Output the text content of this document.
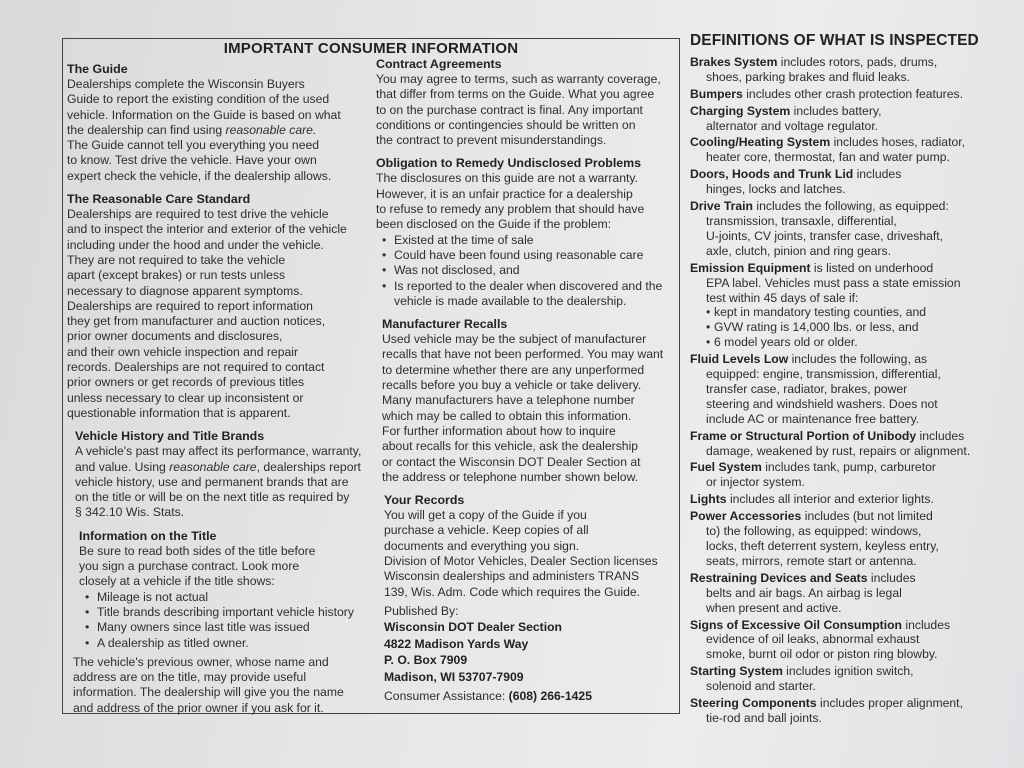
IMPORTANT CONSUMER INFORMATION
The Guide
Dealerships complete the Wisconsin Buyers
Guide to report the existing condition of the used
vehicle. Information on the Guide is based on what
the dealership can find using reasonable care.
The Guide cannot tell you everything you need
to know. Test drive the vehicle. Have your own
expert check the vehicle, if the dealership allows.
The Reasonable Care Standard
Dealerships are required to test drive the vehicle
and to inspect the interior and exterior of the vehicle
including under the hood and under the vehicle.
They are not required to take the vehicle
apart (except brakes) or run tests unless
necessary to diagnose apparent symptoms.
Dealerships are required to report information
they get from manufacturer and auction notices,
prior owner documents and disclosures,
and their own vehicle inspection and repair
records. Dealerships are not required to contact
prior owners or get records of previous titles
unless necessary to clear up inconsistent or
questionable information that is apparent.
Vehicle History and Title Brands
A vehicle's past may affect its performance, warranty,
and value. Using reasonable care, dealerships report
vehicle history, use and permanent brands that are
on the title or will be on the next title as required by
§ 342.10 Wis. Stats.
Information on the Title
Be sure to read both sides of the title before
you sign a purchase contract. Look more
closely at a vehicle if the title shows:
• Mileage is not actual
• Title brands describing important vehicle history
• Many owners since last title was issued
• A dealership as titled owner.
The vehicle's previous owner, whose name and
address are on the title, may provide useful
information. The dealership will give you the name
and address of the prior owner if you ask for it.
Contract Agreements
You may agree to terms, such as warranty coverage,
that differ from terms on the Guide. What you agree
to on the purchase contract is final. Any important
conditions or contingencies should be written on
the contract to prevent misunderstandings.
Obligation to Remedy Undisclosed Problems
The disclosures on this guide are not a warranty.
However, it is an unfair practice for a dealership
to refuse to remedy any problem that should have
been disclosed on the Guide if the problem:
• Existed at the time of sale
• Could have been found using reasonable care
• Was not disclosed, and
• Is reported to the dealer when discovered and the vehicle is made available to the dealership.
Manufacturer Recalls
Used vehicle may be the subject of manufacturer
recalls that have not been performed. You may want
to determine whether there are any unperformed
recalls before you buy a vehicle or take delivery.
Many manufacturers have a telephone number
which may be called to obtain this information.
For further information about how to inquire
about recalls for this vehicle, ask the dealership
or contact the Wisconsin DOT Dealer Section at
the address or telephone number shown below.
Your Records
You will get a copy of the Guide if you
purchase a vehicle. Keep copies of all
documents and everything you sign.
Division of Motor Vehicles, Dealer Section licenses
Wisconsin dealerships and administers TRANS
139, Wis. Adm. Code which requires the Guide.
Published By:
Wisconsin DOT Dealer Section
4822 Madison Yards Way
P. O. Box 7909
Madison, WI 53707-7909
Consumer Assistance: (608) 266-1425
DEFINITIONS OF WHAT IS INSPECTED
Brakes System includes rotors, pads, drums,
shoes, parking brakes and fluid leaks.
Bumpers includes other crash protection features.
Charging System includes battery,
alternator and voltage regulator.
Cooling/Heating System includes hoses, radiator,
heater core, thermostat, fan and water pump.
Doors, Hoods and Trunk Lid includes
hinges, locks and latches.
Drive Train includes the following, as equipped:
transmission, transaxle, differential,
U-joints, CV joints, transfer case, driveshaft,
axle, clutch, pinion and ring gears.
Emission Equipment is listed on underhood
EPA label. Vehicles must pass a state emission
test within 45 days of sale if:
• kept in mandatory testing counties, and
• GVW rating is 14,000 lbs. or less, and
• 6 model years old or older.
Fluid Levels Low includes the following, as
equipped: engine, transmission, differential,
transfer case, radiator, brakes, power
steering and windshield washers. Does not
include AC or maintenance free battery.
Frame or Structural Portion of Unibody includes
damage, weakened by rust, repairs or alignment.
Fuel System includes tank, pump, carburetor
or injector system.
Lights includes all interior and exterior lights.
Power Accessories includes (but not limited
to) the following, as equipped: windows,
locks, theft deterrent system, keyless entry,
seats, mirrors, remote start or antenna.
Restraining Devices and Seats includes
belts and air bags. An airbag is legal
when present and active.
Signs of Excessive Oil Consumption includes
evidence of oil leaks, abnormal exhaust
smoke, burnt oil odor or piston ring blowby.
Starting System includes ignition switch,
solenoid and starter.
Steering Components includes proper alignment,
tie-rod and ball joints.
